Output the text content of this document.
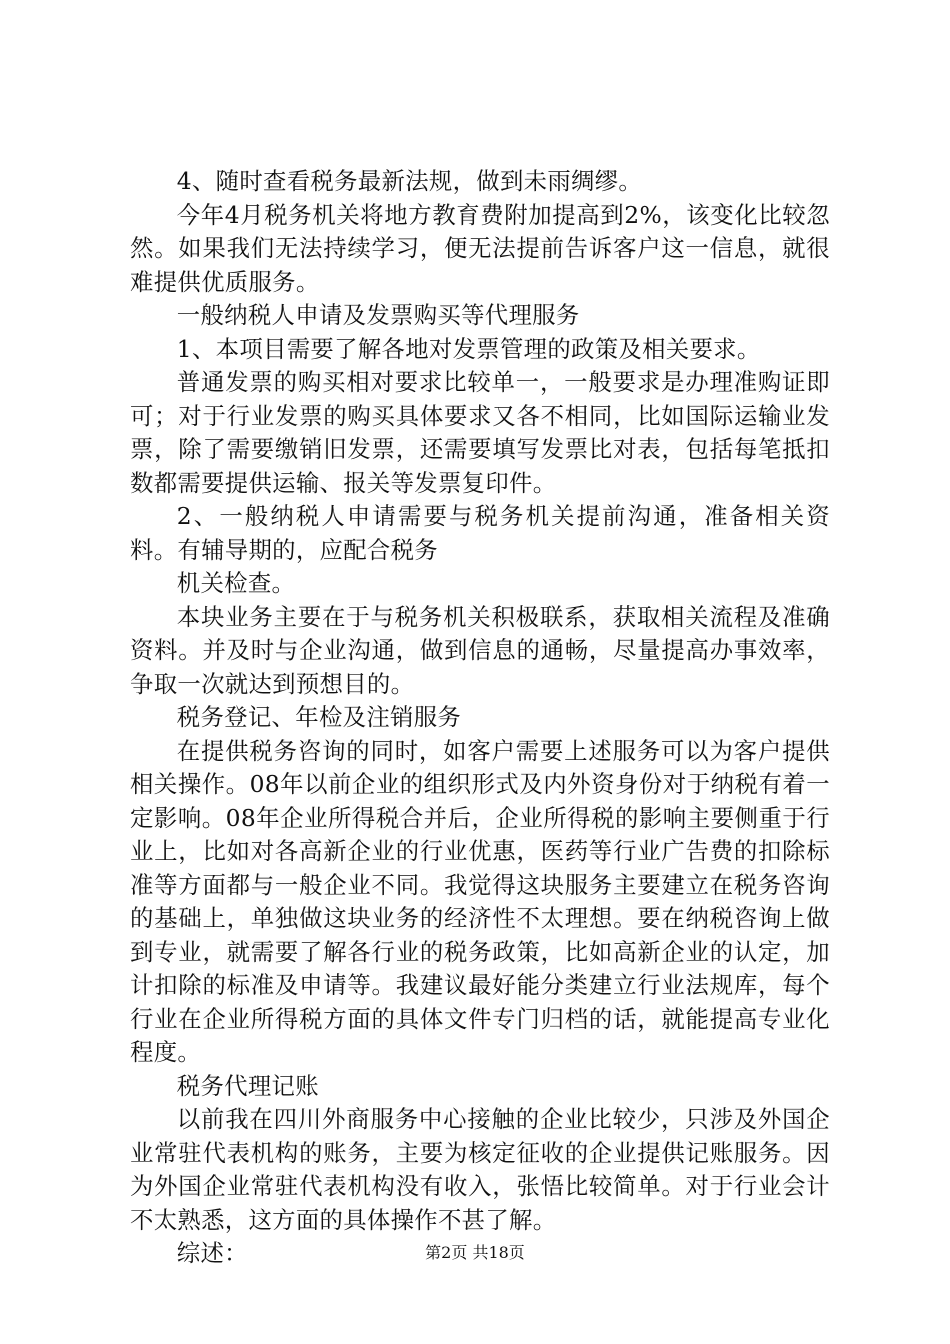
4、随时查看税务最新法规，做到未雨绸缪。

今年4月税务机关将地方教育费附加提高到2%，该变化比较忽然。如果我们无法持续学习，便无法提前告诉客户这一信息，就很难提供优质服务。

一般纳税人申请及发票购买等代理服务

1、本项目需要了解各地对发票管理的政策及相关要求。

普通发票的购买相对要求比较单一，一般要求是办理准购证即可；对于行业发票的购买具体要求又各不相同，比如国际运输业发票，除了需要缴销旧发票，还需要填写发票比对表，包括每笔抵扣数都需要提供运输、报关等发票复印件。

2、一般纳税人申请需要与税务机关提前沟通，准备相关资料。有辅导期的，应配合税务

机关检查。

本块业务主要在于与税务机关积极联系，获取相关流程及准确资料。并及时与企业沟通，做到信息的通畅，尽量提高办事效率，争取一次就达到预想目的。

税务登记、年检及注销服务

在提供税务咨询的同时，如客户需要上述服务可以为客户提供相关操作。08年以前企业的组织形式及内外资身份对于纳税有着一定影响。08年企业所得税合并后，企业所得税的影响主要侧重于行业上，比如对各高新企业的行业优惠，医药等行业广告费的扣除标准等方面都与一般企业不同。我觉得这块服务主要建立在税务咨询的基础上，单独做这块业务的经济性不太理想。要在纳税咨询上做到专业，就需要了解各行业的税务政策，比如高新企业的认定，加计扣除的标准及申请等。我建议最好能分类建立行业法规库，每个行业在企业所得税方面的具体文件专门归档的话，就能提高专业化程度。

税务代理记账

以前我在四川外商服务中心接触的企业比较少，只涉及外国企业常驻代表机构的账务，主要为核定征收的企业提供记账服务。因为外国企业常驻代表机构没有收入，张悟比较简单。对于行业会计不太熟悉，这方面的具体操作不甚了解。

综述：	第2页 共18页
